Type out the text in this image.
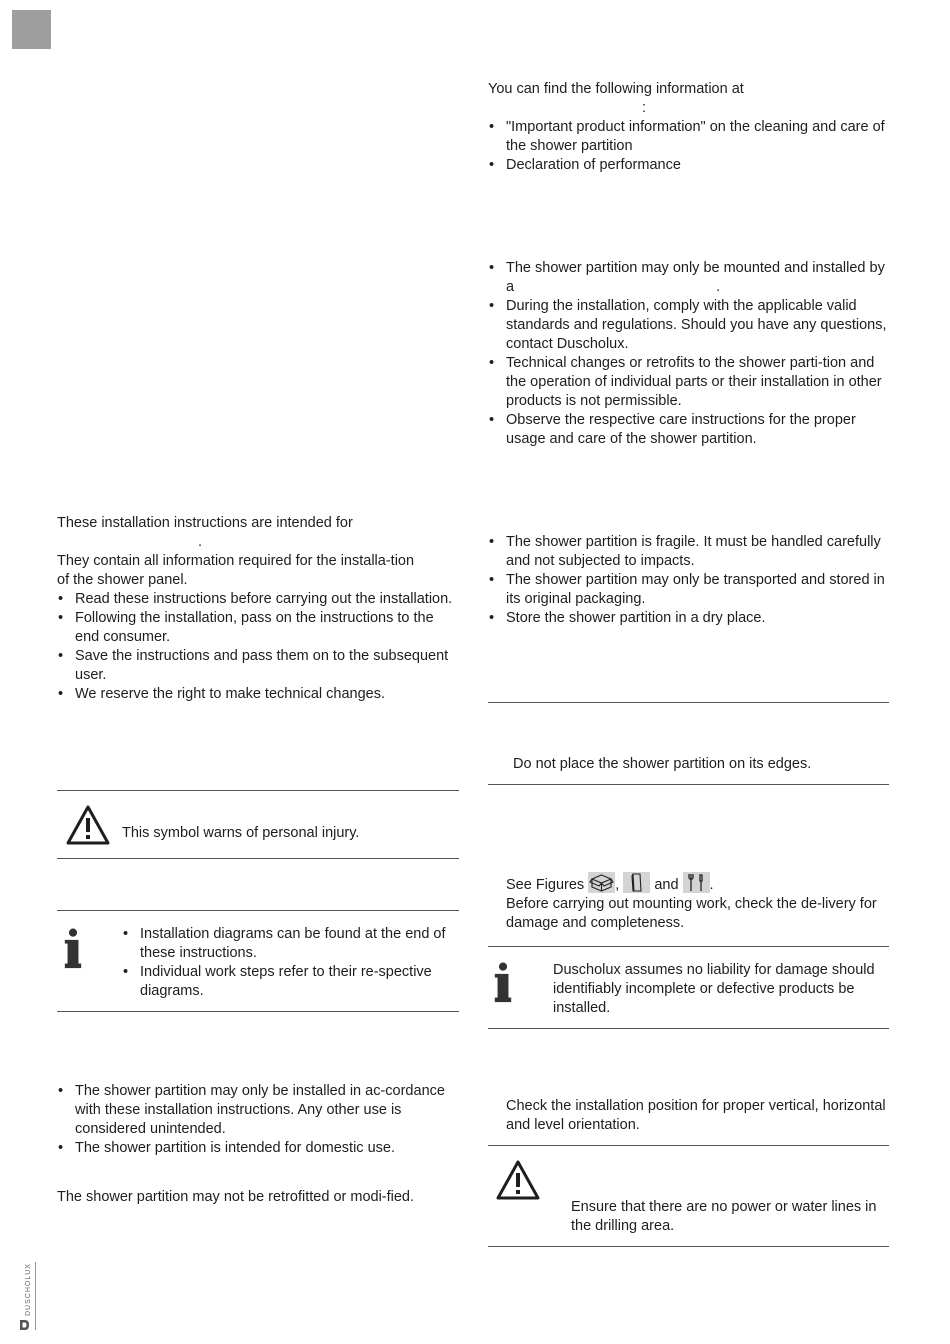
These installation instructions are intended for

.

They contain all information required for the installa-tion

of the shower panel.

• Read these instructions before carrying out the installation.
• Following the installation, pass on the instructions to the end consumer.
• Save the instructions and pass them on to the subsequent user.
• We reserve the right to make technical changes.

This symbol warns of personal injury.

• Installation diagrams can be found at the end of these instructions.
• Individual work steps refer to their re-spective diagrams.
• The shower partition may only be installed in ac-cordance with these installation instructions. Any other use is considered unintended.
• The shower partition is intended for domestic use.

The shower partition may not be retrofitted or modi-fied.

You can find the following information at

:

• "Important product information" on the cleaning and care of the shower partition
• Declaration of performance
• The shower partition may only be mounted and installed by a	.
• During the installation, comply with the applicable valid standards and regulations. Should you have any questions, contact Duscholux.
• Technical changes or retrofits to the shower parti-tion and the operation of individual parts or their installation in other products is not permissible.
• Observe the respective care instructions for the proper usage and care of the shower partition.
• The shower partition is fragile. It must be handled carefully and not subjected to impacts.
• The shower partition may only be transported and stored in its original packaging.
• Store the shower partition in a dry place.

Do not place the shower partition on its edges.

See Figures , and .

Before carrying out mounting work, check the de-livery for damage and completeness.

Duscholux assumes no liability for damage should identifiably incomplete or defective products be installed.

Check the installation position for proper vertical, horizontal and level orientation.

Ensure that there are no power or water lines in the drilling area.

DUSCHOLUX
